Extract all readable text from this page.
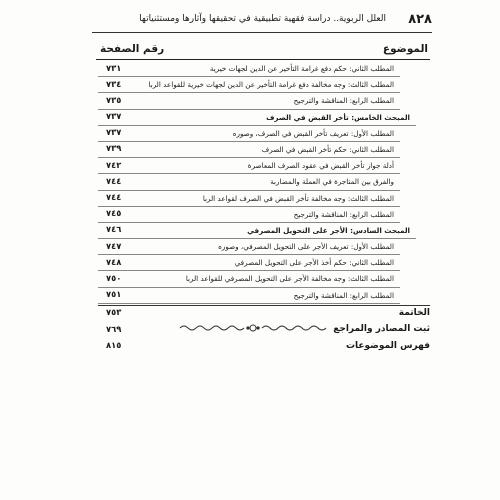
٨٢٨
العلل الربوية.. دراسة فقهية تطبيقية في تحقيقها وآثارها ومستثنياتها
الموضوع
رقم الصفحة
المطلب الثاني: حكم دفع غرامة التأخير عن الدين لجهات خيرية
٧٣١
المطلب الثالث: وجه مخالفة دفع غرامة التأخير عن الدين لجهات خيرية للقواعد الربا
٧٣٤
المطلب الرابع: المناقشة والترجيح
٧٣٥
المبحث الخامس: تأخر القبض في الصرف
٧٣٧
المطلب الأول: تعريف تأخر القبض في الصرف، وصوره
٧٣٧
المطلب الثاني: حكم تأخر القبض في الصرف
٧٣٩
أدلة جواز تأخر القبض في عقود الصرف المعاصرة
٧٤٢
والفرق بين المتاجرة في العملة والمضاربة
٧٤٤
المطلب الثالث: وجه مخالفة تأخر القبض في الصرف لقواعد الربا
٧٤٤
المطلب الرابع: المناقشة والترجيح
٧٤٥
المبحث السادس: الأجر على التحويل المصرفي
٧٤٦
المطلب الأول: تعريف الأجر على التحويل المصرفي، وصوره
٧٤٧
المطلب الثاني: حكم أخذ الأجر على التحويل المصرفي
٧٤٨
المطلب الثالث: وجه مخالفة الأجر على التحويل المصرفي للقواعد الربا
٧٥٠
المطلب الرابع: المناقشة والترجيح
٧٥١
الخاتمة
٧٥٣
ثبت المصادر والمراجع
٧٦٩
فهرس الموضوعات
٨١٥
